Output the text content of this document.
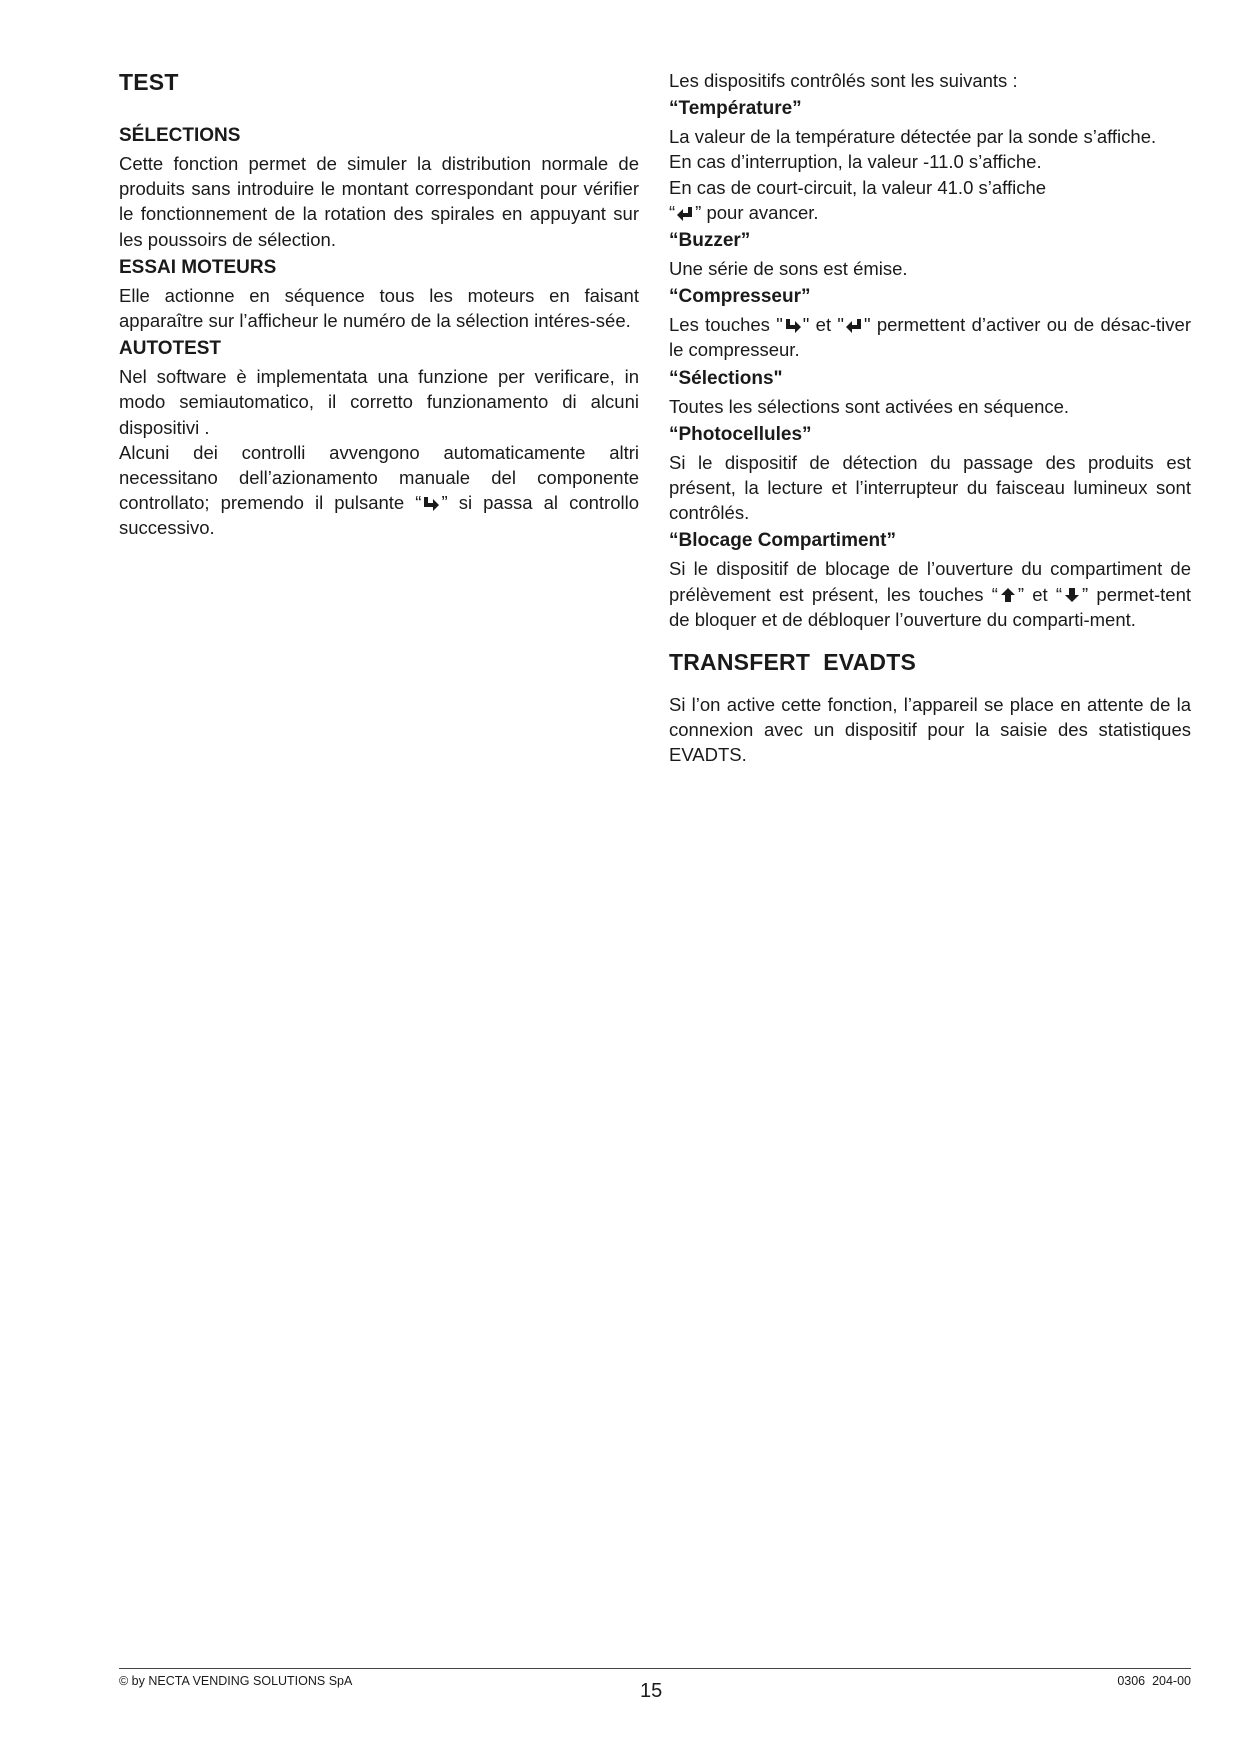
TEST
SÉLECTIONS

Cette fonction permet de simuler la distribution normale de produits sans introduire le montant correspondant pour vérifier le fonctionnement de la rotation des spirales en appuyant sur les poussoirs de sélection.

ESSAI MOTEURS

Elle actionne en séquence tous les moteurs en faisant apparaître sur l’afficheur le numéro de la sélection intéres-sée.

AUTOTEST

Nel software è implementata una funzione per verificare, in modo semiautomatico, il corretto funzionamento di alcuni dispositivi .

Alcuni dei controlli avvengono automaticamente altri necessitano dell’azionamento manuale del componente controllato; premendo il pulsante “ ” si passa al controllo successivo.

Les dispositifs contrôlés sont les suivants :

“Température”

La valeur de la température détectée par la sonde s’affiche.

En cas d’interruption, la valeur -11.0 s’affiche.

En cas de court-circuit, la valeur 41.0 s’affiche

“ ” pour avancer.

“Buzzer”

Une série de sons est émise.

“Compresseur”

Les touches " " et " " permettent d’activer ou de désac-tiver le compresseur.

“Sélections"

Toutes les sélections sont activées en séquence.

“Photocellules”

Si le dispositif de détection du passage des produits est présent, la lecture et l’interrupteur du faisceau lumineux sont contrôlés.

“Blocage Compartiment”

Si le dispositif de blocage de l’ouverture du compartiment de prélèvement est présent, les touches “ ” et “ ” permet-tent de bloquer et de débloquer l’ouverture du comparti-ment.

TRANSFERT  EVADTS

Si l’on active cette fonction, l’appareil se place en attente de la connexion avec un dispositif pour la saisie des statistiques EVADTS.

© by NECTA VENDING SOLUTIONS SpA	15	0306  204-00
